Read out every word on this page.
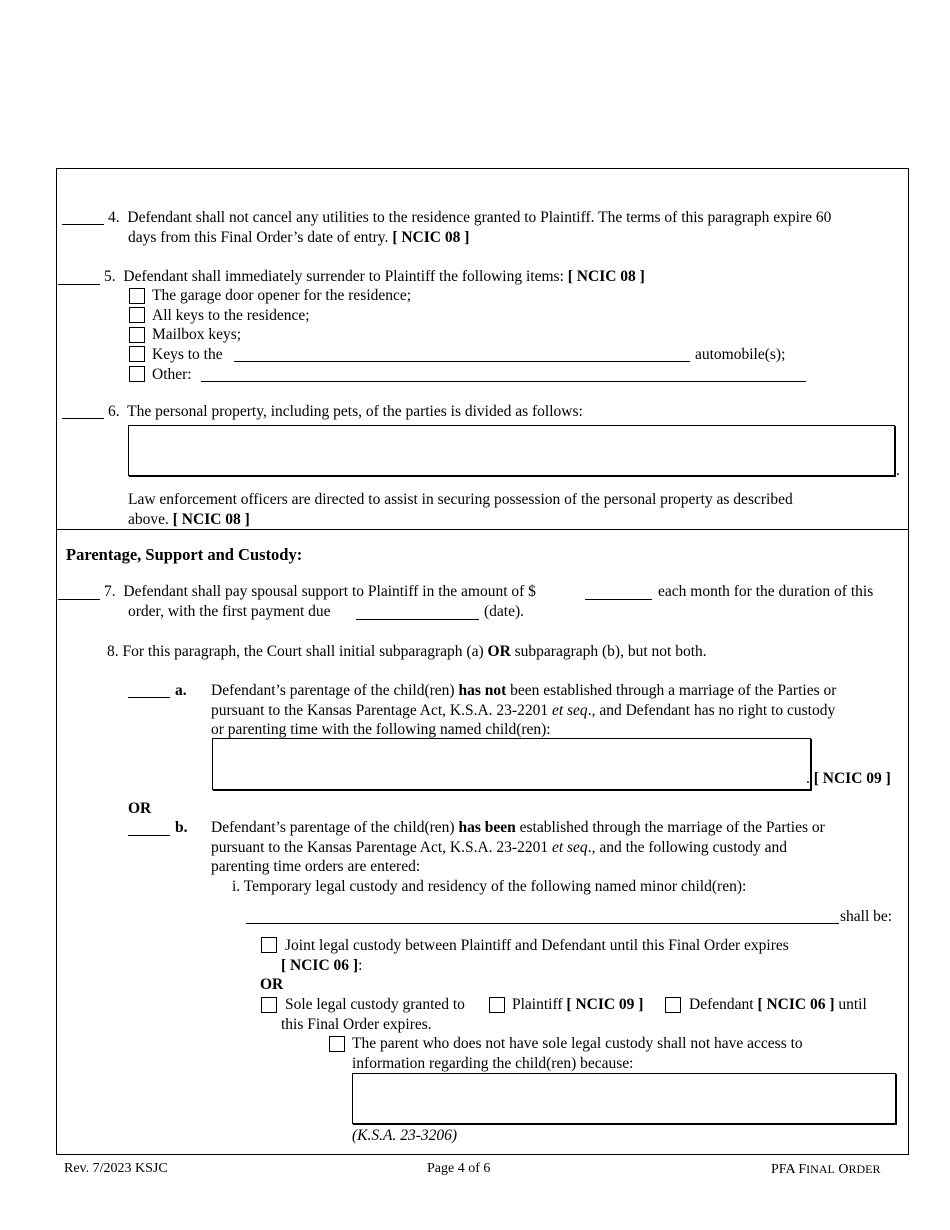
4. Defendant shall not cancel any utilities to the residence granted to Plaintiff. The terms of this paragraph expire 60
days from this Final Order’s date of entry. [ NCIC 08 ]
5. Defendant shall immediately surrender to Plaintiff the following items: [ NCIC 08 ]
The garage door opener for the residence;
All keys to the residence;
Mailbox keys;
Keys to the	automobile(s);
Other:
6. The personal property, including pets, of the parties is divided as follows:
.
Law enforcement officers are directed to assist in securing possession of the personal property as described
above. [ NCIC 08 ]
Parentage, Support and Custody:
7. Defendant shall pay spousal support to Plaintiff in the amount of $	each month for the duration of this
order, with the first payment due	(date).
8. For this paragraph, the Court shall initial subparagraph (a) OR subparagraph (b), but not both.
a. Defendant’s parentage of the child(ren) has not been established through a marriage of the Parties or
pursuant to the Kansas Parentage Act, K.S.A. 23-2201 et seq., and Defendant has no right to custody
or parenting time with the following named child(ren):
. [ NCIC 09 ]
OR
b. Defendant’s parentage of the child(ren) has been established through the marriage of the Parties or
pursuant to the Kansas Parentage Act, K.S.A. 23-2201 et seq., and the following custody and
parenting time orders are entered:
i. Temporary legal custody and residency of the following named minor child(ren):
shall be:
Joint legal custody between Plaintiff and Defendant until this Final Order expires
[ NCIC 06 ]:
OR
Sole legal custody granted to	Plaintiff [ NCIC 09 ]	Defendant [ NCIC 06 ] until
this Final Order expires.
The parent who does not have sole legal custody shall not have access to
information regarding the child(ren) because:
(K.S.A. 23-3206)
Rev. 7/2023 KSJC	Page 4 of 6	PFA FINAL ORDER
